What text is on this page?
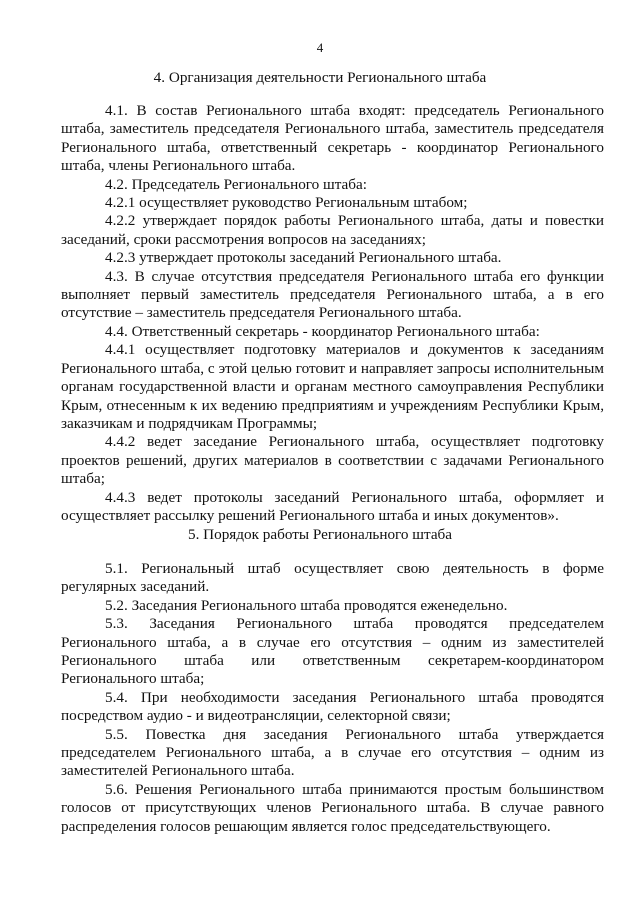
4
4. Организация деятельности Регионального штаба

4.1. В состав Регионального штаба входят: председатель Регионального штаба, заместитель председателя Регионального штаба, заместитель председателя Регионального штаба, ответственный секретарь - координатор Регионального штаба, члены Регионального штаба.

4.2. Председатель Регионального штаба:

4.2.1 осуществляет руководство Региональным штабом;

4.2.2 утверждает порядок работы Регионального штаба, даты и повестки заседаний, сроки рассмотрения вопросов на заседаниях;

4.2.3 утверждает протоколы заседаний Регионального штаба.

4.3. В случае отсутствия председателя Регионального штаба его функции выполняет первый заместитель председателя Регионального штаба, а в его отсутствие – заместитель председателя Регионального штаба.

4.4. Ответственный секретарь - координатор Регионального штаба:

4.4.1 осуществляет подготовку материалов и документов к заседаниям Регионального штаба, с этой целью готовит и направляет запросы исполнительным органам государственной власти и органам местного самоуправления Республики Крым, отнесенным к их ведению предприятиям и учреждениям Республики Крым, заказчикам и подрядчикам Программы;

4.4.2 ведет заседание Регионального штаба, осуществляет подготовку проектов решений, других материалов в соответствии с задачами Регионального штаба;

4.4.3 ведет протоколы заседаний Регионального штаба, оформляет и осуществляет рассылку решений Регионального штаба и иных документов».

5. Порядок работы Регионального штаба

5.1. Региональный штаб осуществляет свою деятельность в форме регулярных заседаний.

5.2. Заседания Регионального штаба проводятся еженедельно.

5.3. Заседания Регионального штаба проводятся председателем Регионального штаба, а в случае его отсутствия – одним из заместителей Регионального штаба или ответственным секретарем-координатором Регионального штаба;

5.4. При необходимости заседания Регионального штаба проводятся посредством аудио - и видеотрансляции, селекторной связи;

5.5. Повестка дня заседания Регионального штаба утверждается председателем Регионального штаба, а в случае его отсутствия – одним из заместителей Регионального штаба.

5.6. Решения Регионального штаба принимаются простым большинством голосов от присутствующих членов Регионального штаба. В случае равного распределения голосов решающим является голос председательствующего.
